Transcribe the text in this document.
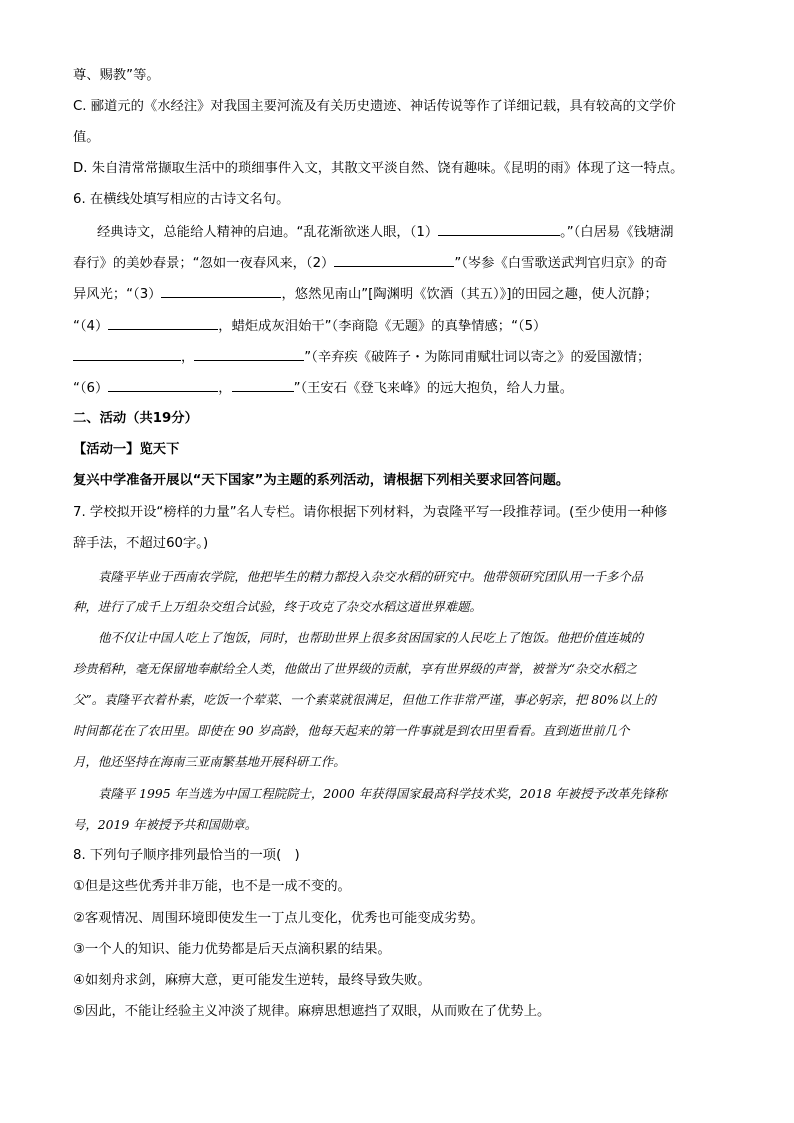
尊、赐教”等。
C. 郦道元的《水经注》对我国主要河流及有关历史遗迹、神话传说等作了详细记载，具有较高的文学价
值。
D. 朱自清常常撷取生活中的琐细事件入文，其散文平淡自然、饶有趣味。《昆明的雨》体现了这一特点。
6. 在横线处填写相应的古诗文名句。
经典诗文，总能给人精神的启迪。“乱花渐欲迷人眼，（1）	。”（白居易《钱塘湖
春行》的美妙春景；“忽如一夜春风来，（2）	”（岑参《白雪歌送武判官归京》的奇
异风光；“（3）	，悠然见南山”[陶渊明《饮酒（其五）》]的田园之趣，使人沉静；
“（4）	，蜡炬成灰泪始干”（李商隐《无题》的真挚情感；“（5）
，	”（辛弃疾《破阵子・为陈同甫赋壮词以寄之》的爱国激情；
“（6）	，	”（王安石《登飞来峰》的远大抱负，给人力量。
二、活动（共19分）
【活动一】览天下
复兴中学准备开展以“天下国家”为主题的系列活动，请根据下列相关要求回答问题。
7. 学校拟开设“榜样的力量”名人专栏。请你根据下列材料，为袁隆平写一段推荐词。(至少使用一种修
辞手法，不超过60字。)
袁隆平毕业于西南农学院，他把毕生的精力都投入杂交水稻的研究中。他带领研究团队用一千多个品
种，进行了成千上万组杂交组合试验，终于攻克了杂交水稻这道世界难题。
他不仅让中国人吃上了饱饭，同时，也帮助世界上很多贫困国家的人民吃上了饱饭。他把价值连城的
珍贵稻种，毫无保留地奉献给全人类，他做出了世界级的贡献，享有世界级的声誉，被誉为“杂交水稻之
父”。袁隆平衣着朴素，吃饭一个荤菜、一个素菜就很满足，但他工作非常严谨，事必躬亲，把 80%以上的
时间都花在了农田里。即使在 90 岁高龄，他每天起来的第一件事就是到农田里看看。直到逝世前几个
月，他还坚持在海南三亚南繁基地开展科研工作。
袁隆平 1995 年当选为中国工程院院士，2000 年获得国家最高科学技术奖，2018 年被授予改革先锋称
号，2019 年被授予共和国勋章。
8. 下列句子顺序排列最恰当的一项(　)
①但是这些优秀并非万能，也不是一成不变的。
②客观情况、周围环境即使发生一丁点儿变化，优秀也可能变成劣势。
③一个人的知识、能力优势都是后天点滴积累的结果。
④如刻舟求剑，麻痹大意，更可能发生逆转，最终导致失败。
⑤因此，不能让经验主义冲淡了规律。麻痹思想遮挡了双眼，从而败在了优势上。
